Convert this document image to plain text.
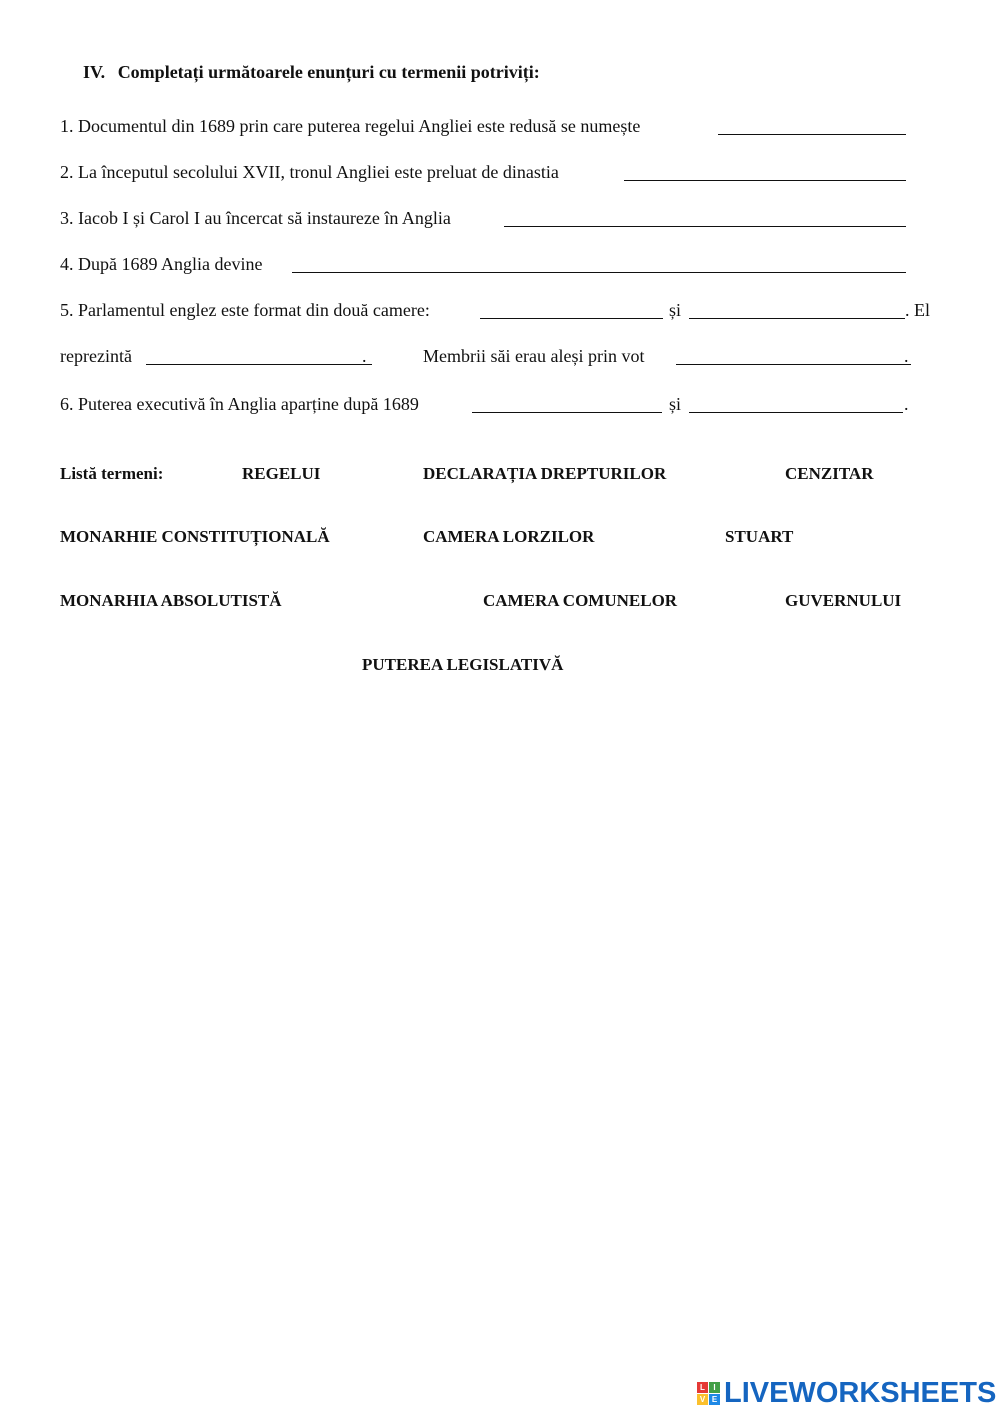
IV. Completați următoarele enunțuri cu termenii potriviți:
1. Documentul din 1689 prin care puterea regelui Angliei este redusă se numește
2. La începutul secolului XVII, tronul Angliei este preluat de dinastia
3. Iacob I și Carol I au încercat să instaureze în Anglia
4. După 1689 Anglia devine
5. Parlamentul englez este format din două camere:	și	. El
reprezintă	.	Membrii săi erau aleși prin vot	.
6. Puterea executivă în Anglia aparține după 1689	și	.
Listă termeni:	REGELUI	DECLARAȚIA DREPTURILOR	CENZITAR
MONARHIE CONSTITUȚIONALĂ	CAMERA LORZILOR	STUART
MONARHIA ABSOLUTISTĂ	CAMERA COMUNELOR	GUVERNULUI
PUTEREA LEGISLATIVĂ
L	I
V E LIVEWORKSHEETS
